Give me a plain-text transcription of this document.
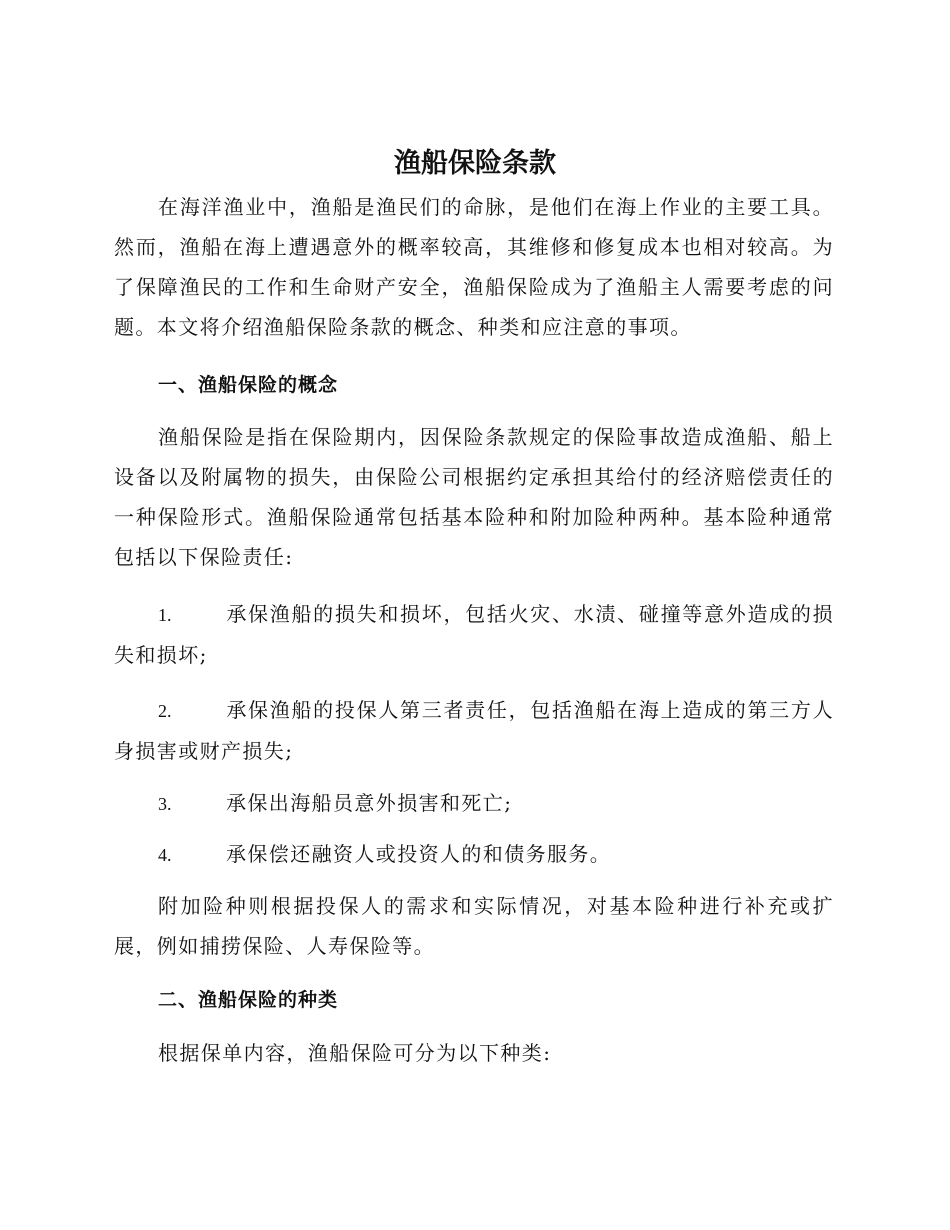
渔船保险条款

在海洋渔业中，渔船是渔民们的命脉，是他们在海上作业的主要工具。然而，渔船在海上遭遇意外的概率较高，其维修和修复成本也相对较高。为了保障渔民的工作和生命财产安全，渔船保险成为了渔船主人需要考虑的问题。本文将介绍渔船保险条款的概念、种类和应注意的事项。

一、渔船保险的概念

渔船保险是指在保险期内，因保险条款规定的保险事故造成渔船、船上设备以及附属物的损失，由保险公司根据约定承担其给付的经济赔偿责任的一种保险形式。渔船保险通常包括基本险种和附加险种两种。基本险种通常包括以下保险责任:

1.	承保渔船的损失和损坏，包括火灾、水渍、碰撞等意外造成的损失和损坏;

2.	承保渔船的投保人第三者责任，包括渔船在海上造成的第三方人身损害或财产损失;

3.	承保出海船员意外损害和死亡;

4.	承保偿还融资人或投资人的和债务服务。

附加险种则根据投保人的需求和实际情况，对基本险种进行补充或扩展，例如捕捞保险、人寿保险等。

二、渔船保险的种类

根据保单内容，渔船保险可分为以下种类:
